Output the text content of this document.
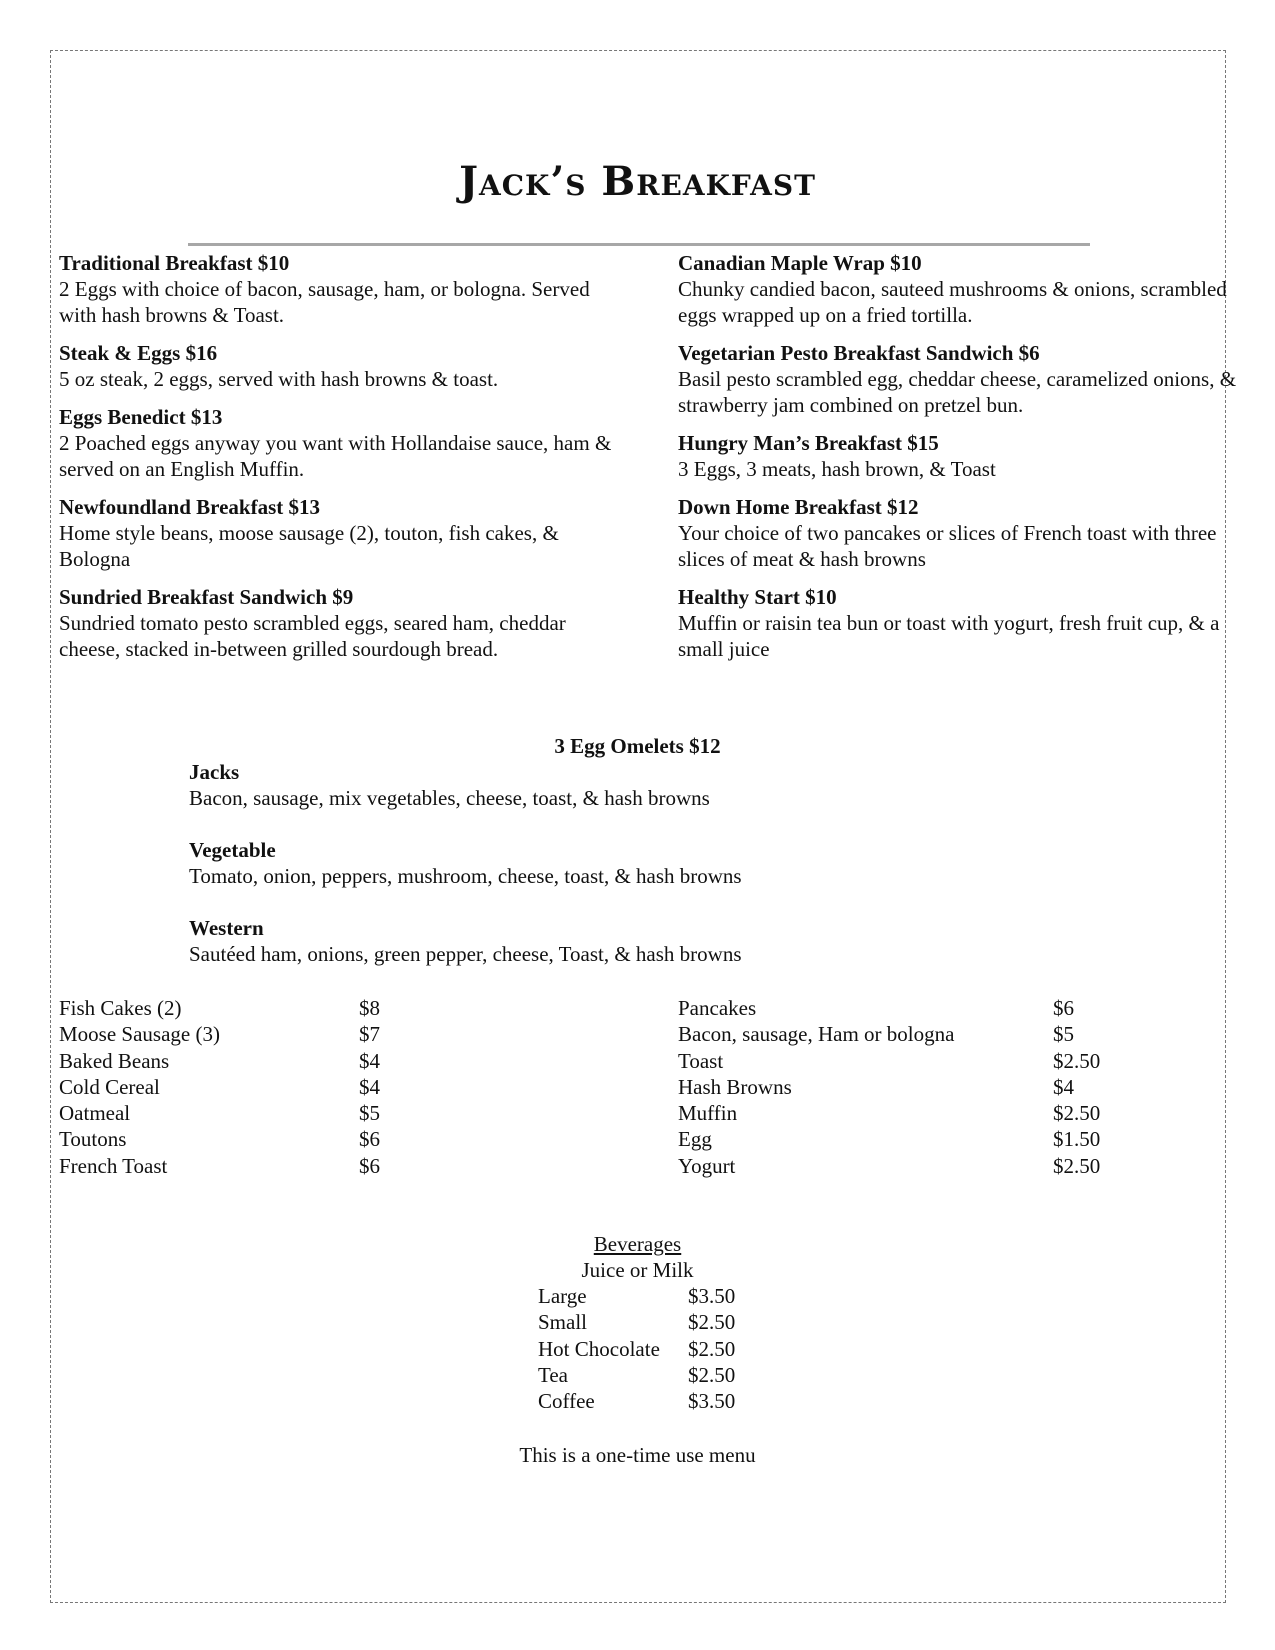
Jack’s Breakfast
Traditional Breakfast $10
2 Eggs with choice of bacon, sausage, ham, or bologna. Served with hash browns & Toast.
Steak & Eggs $16
5 oz steak, 2 eggs, served with hash browns & toast.
Eggs Benedict $13
2 Poached eggs anyway you want with Hollandaise sauce, ham & served on an English Muffin.
Newfoundland Breakfast $13
Home style beans, moose sausage (2), touton, fish cakes, & Bologna
Sundried Breakfast Sandwich $9
Sundried tomato pesto scrambled eggs, seared ham, cheddar cheese, stacked in-between grilled sourdough bread.
Canadian Maple Wrap $10
Chunky candied bacon, sauteed mushrooms & onions, scrambled eggs wrapped up on a fried tortilla.
Vegetarian Pesto Breakfast Sandwich $6
Basil pesto scrambled egg, cheddar cheese, caramelized onions, & strawberry jam combined on pretzel bun.
Hungry Man’s Breakfast $15
3 Eggs, 3 meats, hash brown, & Toast
Down Home Breakfast $12
Your choice of two pancakes or slices of French toast with three slices of meat & hash browns
Healthy Start $10
Muffin or raisin tea bun or toast with yogurt, fresh fruit cup, & a small juice
3 Egg Omelets $12
Jacks
Bacon, sausage, mix vegetables, cheese, toast, & hash browns
Vegetable
Tomato, onion, peppers, mushroom, cheese, toast, & hash browns
Western
Sautéed ham, onions, green pepper, cheese, Toast, & hash browns
Fish Cakes (2)	$8
Moose Sausage (3)	$7
Baked Beans	$4
Cold Cereal	$4
Oatmeal	$5
Toutons	$6
French Toast	$6
Pancakes	$6
Bacon, sausage, Ham or bologna	$5
Toast	$2.50
Hash Browns	$4
Muffin	$2.50
Egg	$1.50
Yogurt	$2.50
Beverages
Juice or Milk
Large	$3.50
Small	$2.50
Hot Chocolate $2.50
Tea	$2.50
Coffee	$3.50
This is a one-time use menu
